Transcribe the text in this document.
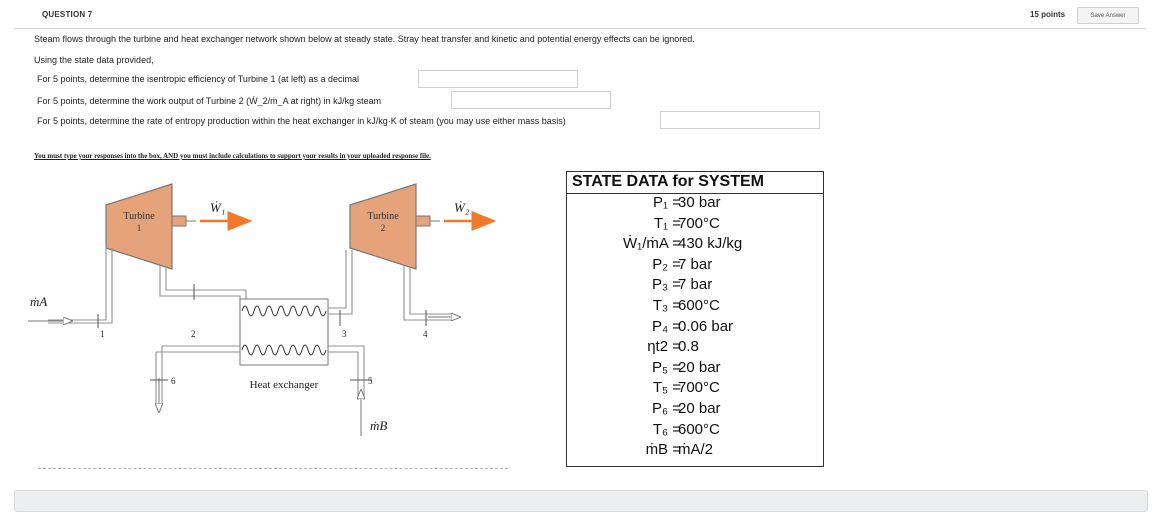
QUESTION 7	15 points	Save Answer
Steam flows through the turbine and heat exchanger network shown below at steady state. Stray heat transfer and kinetic and potential energy effects can be ignored.
Using the state data provided,
For 5 points, determine the isentropic efficiency of Turbine 1 (at left) as a decimal
For 5 points, determine the work output of Turbine 2 (Ẇ_2/ṁ_A at right) in kJ/kg steam
For 5 points, determine the rate of entropy production within the heat exchanger in kJ/kg·K of steam (you may use either mass basis)
You must type your responses into the box, AND you must include calculations to support your results in your uploaded response file.
Turbine
1
Ẇ₁
Turbine
2
Ẇ₂
ṁA
ṁB
Heat exchanger
1	2	3	4
5
6
STATE DATA for SYSTEM
P₁ =
30 bar
T₁ =
700°C
Ẇ₁/ṁA =
430 kJ/kg
P₂ =
7 bar
P₃ =
7 bar
T₃ =
600°C
P₄ =
0.06 bar
ηt2 =
0.8
P₅ =
20 bar
T₅ =
700°C
P₆ =
20 bar
T₆ =
600°C
ṁB =
ṁA/2
